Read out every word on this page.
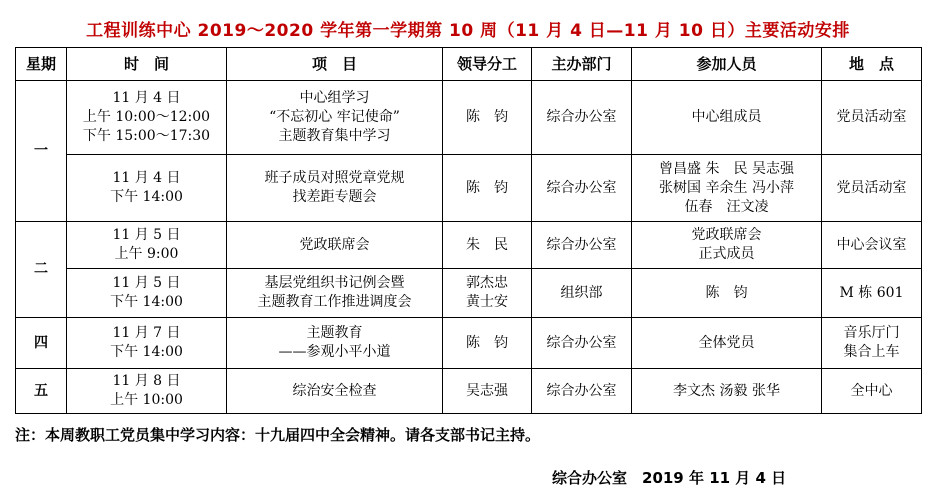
工程训练中心 2019～2020 学年第一学期第 10 周（11 月 4 日—11 月 10 日）主要活动安排
星期	时　间	项　目	领导分工	主办部门	参加人员	地　点
一	11 月 4 日
上午 10:00～12:00
下午 15:00～17:30	中心组学习
“不忘初心 牢记使命”
主题教育集中学习	陈　钧	综合办公室	中心组成员	党员活动室

	11 月 4 日
下午 14:00	班子成员对照党章党规
找差距专题会	陈　钧	综合办公室	曾昌盛 朱　民 吴志强
张树国 辛余生 冯小萍
伍春　汪文凌	党员活动室

二	11 月 5 日
上午 9:00	党政联席会	朱　民	综合办公室	党政联席会
正式成员	中心会议室

	11 月 5 日
下午 14:00	基层党组织书记例会暨
主题教育工作推进调度会	郭杰忠
黄士安	组织部	陈　钧	M 栋 601

四	11 月 7 日
下午 14:00	主题教育
——参观小平小道	陈　钧	综合办公室	全体党员	音乐厅门
集合上车

五	11 月 8 日
上午 10:00	综治安全检查	吴志强	综合办公室	李文杰 汤毅 张华	全中心
注：本周教职工党员集中学习内容：十九届四中全会精神。请各支部书记主持。
综合办公室　2019 年 11 月 4 日
